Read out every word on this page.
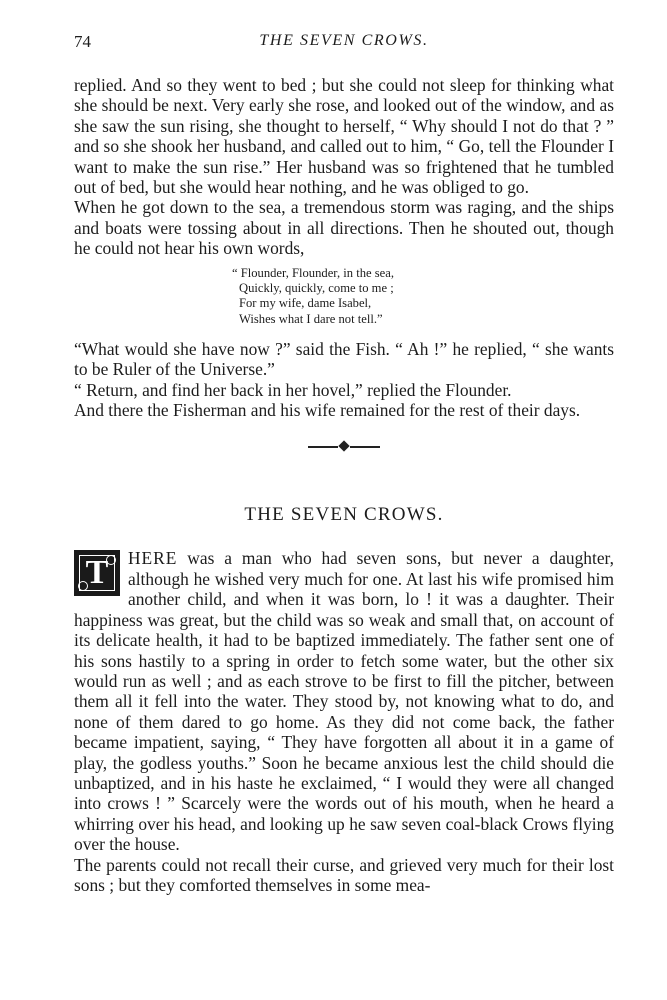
74	THE SEVEN CROWS.

replied. And so they went to bed ; but she could not sleep for thinking what she should be next. Very early she rose, and looked out of the window, and as she saw the sun rising, she thought to herself, “ Why should I not do that ? ” and so she shook her husband, and called out to him, “ Go, tell the Flounder I want to make the sun rise.” Her husband was so frightened that he tumbled out of bed, but she would hear nothing, and he was obliged to go.

When he got down to the sea, a tremendous storm was raging, and the ships and boats were tossing about in all directions. Then he shouted out, though he could not hear his own words,

“ Flounder, Flounder, in the sea,
Quickly, quickly, come to me ;
For my wife, dame Isabel,
Wishes what I dare not tell.”

“What would she have now ?” said the Fish. “ Ah !” he replied, “ she wants to be Ruler of the Universe.”

“ Return, and find her back in her hovel,” replied the Flounder.

And there the Fisherman and his wife remained for the rest of their days.

THE SEVEN CROWS.

T	HERE was a man who had seven sons, but never a daughter, although he wished very much for one. At last his wife promised him another child, and when it was born, lo ! it was a daughter. Their happiness was great, but the child was so weak and small that, on account of its delicate health, it had to be baptized immediately. The father sent one of his sons hastily to a spring in order to fetch some water, but the other six would run as well ; and as each strove to be first to fill the pitcher, between them all it fell into the water. They stood by, not knowing what to do, and none of them dared to go home. As they did not come back, the father became impatient, saying, “ They have forgotten all about it in a game of play, the godless youths.” Soon he became anxious lest the child should die unbaptized, and in his haste he exclaimed, “ I would they were all changed into crows ! ” Scarcely were the words out of his mouth, when he heard a whirring over his head, and looking up he saw seven coal-black Crows flying over the house.

The parents could not recall their curse, and grieved very much for their lost sons ; but they comforted themselves in some mea-
